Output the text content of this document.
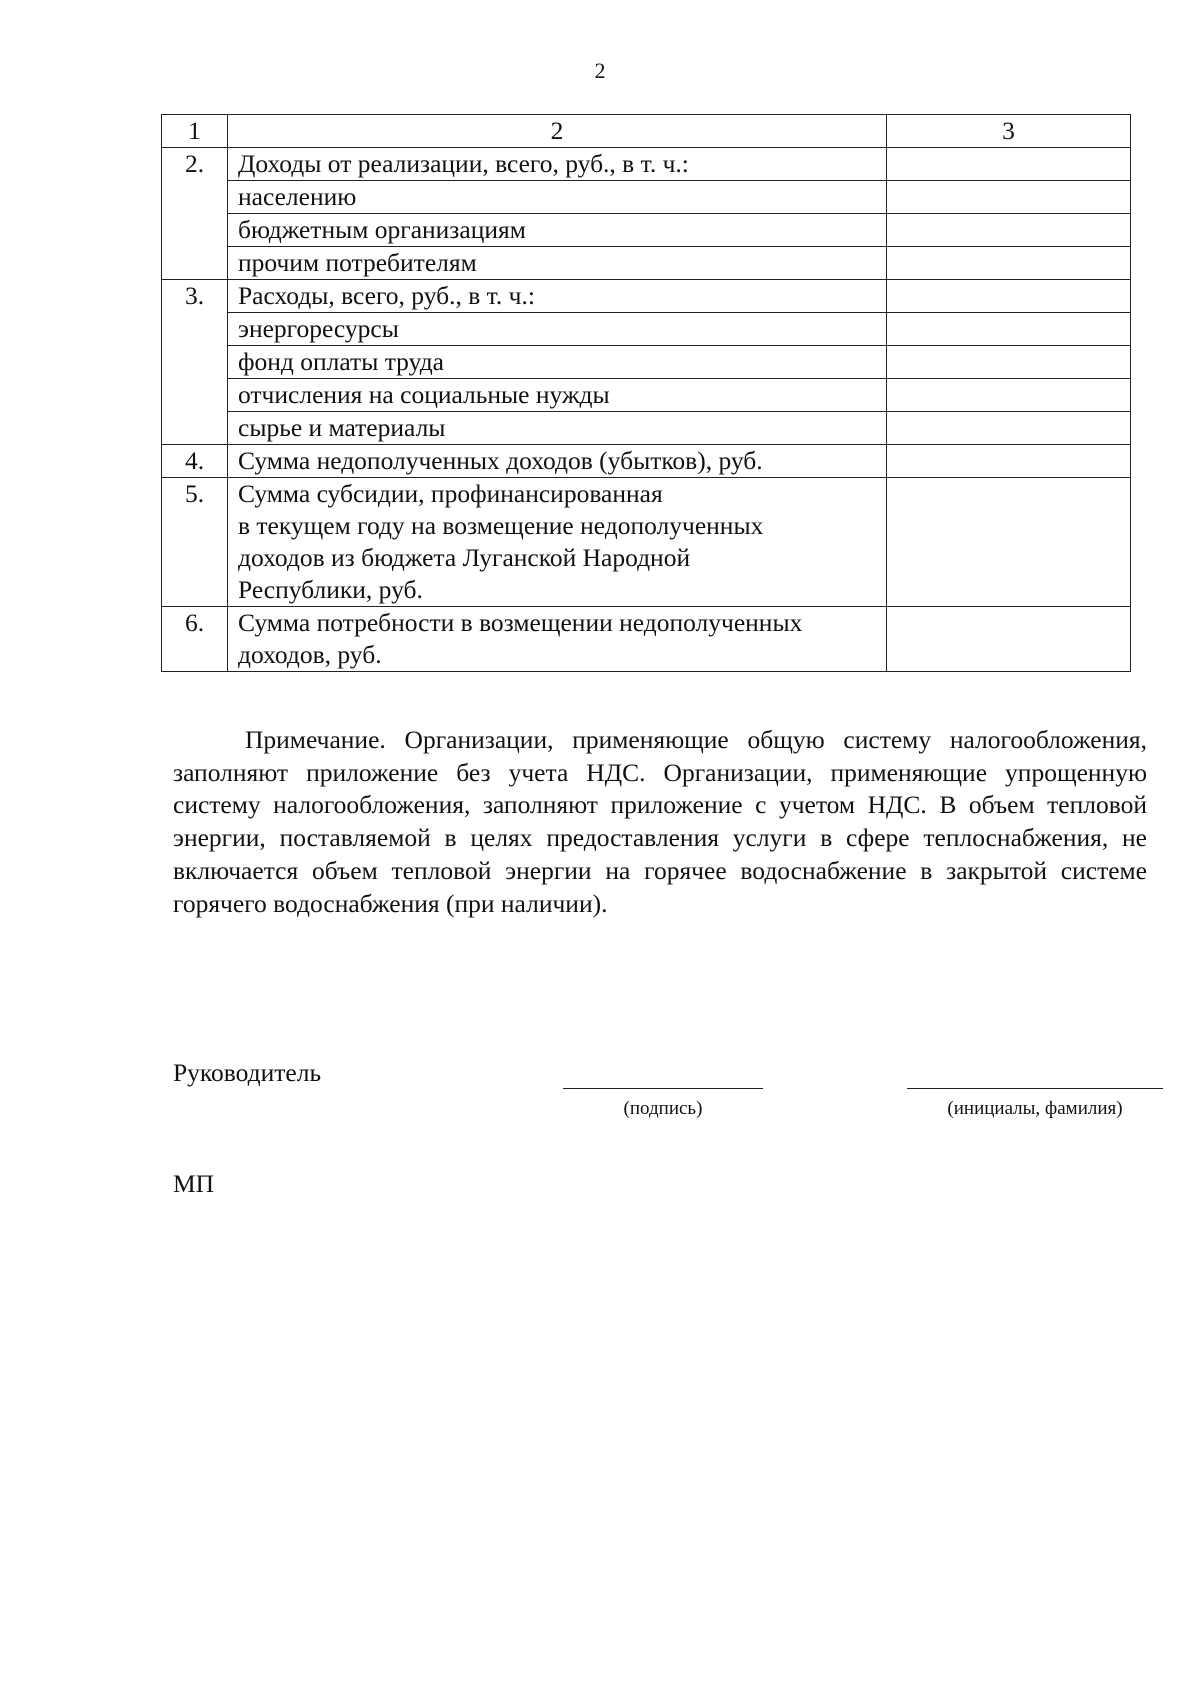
2
1	2	3
2.	Доходы от реализации, всего, руб., в т. ч.:	

	населению	

	бюджетным организациям	

	прочим потребителям	

3.	Расходы, всего, руб., в т. ч.:	

	энергоресурсы	

	фонд оплаты труда	

	отчисления на социальные нужды	

	сырье и материалы	

4.	Сумма недополученных доходов (убытков), руб.	

5.	Сумма субсидии, профинансированная
в текущем году на возмещение недополученных
доходов из бюджета Луганской Народной
Республики, руб.	

6.	Сумма потребности в возмещении недополученных
доходов, руб.	

Примечание. Организации, применяющие общую систему налогообложения, заполняют приложение без учета НДС. Организации, применяющие упрощенную систему налогообложения, заполняют приложение с учетом НДС. В объем тепловой энергии, поставляемой в целях предоставления услуги в сфере теплоснабжения, не включается объем тепловой энергии на горячее водоснабжение в закрытой системе горячего водоснабжения (при наличии).

Руководитель
(подпись)	(инициалы, фамилия)
МП
